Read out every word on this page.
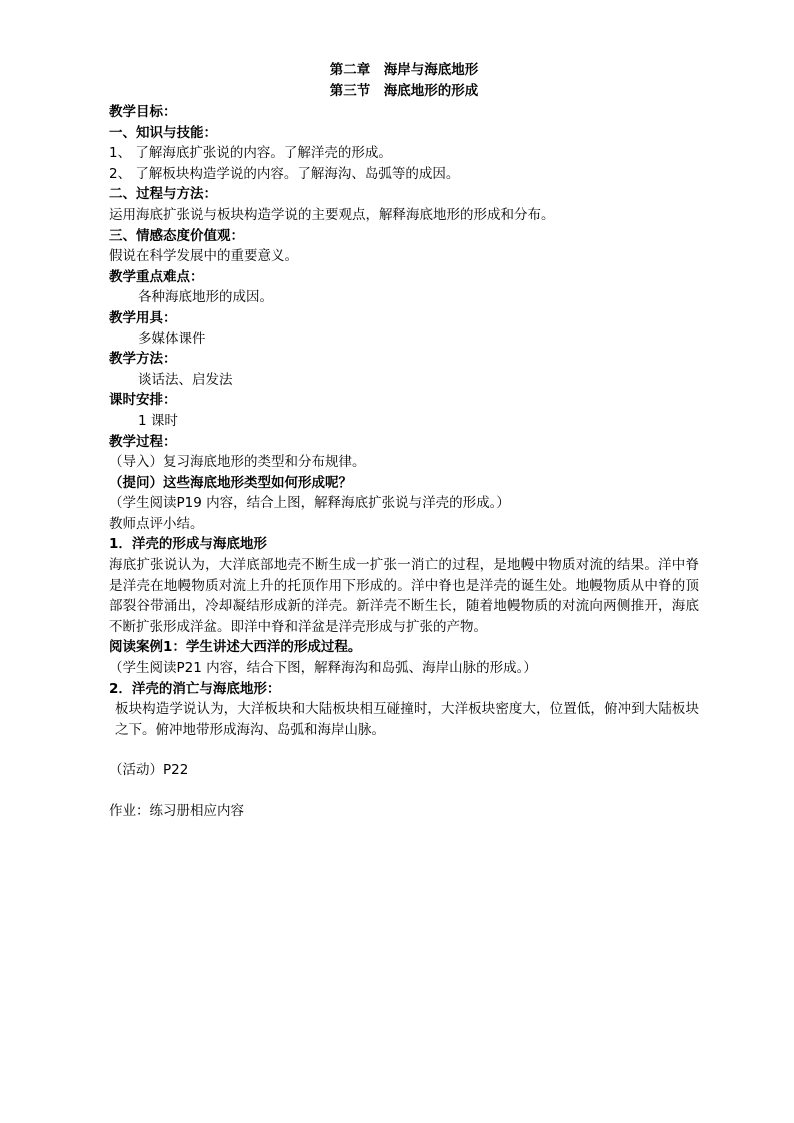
第二章　海岸与海底地形
第三节　海底地形的形成
教学目标：
一、知识与技能：
1、 了解海底扩张说的内容。了解洋壳的形成。
2、 了解板块构造学说的内容。了解海沟、岛弧等的成因。
二、过程与方法：
运用海底扩张说与板块构造学说的主要观点，解释海底地形的形成和分布。
三、情感态度价值观：
假说在科学发展中的重要意义。
教学重点难点：
各种海底地形的成因。
教学用具：
多媒体课件
教学方法：
谈话法、启发法
课时安排：
1 课时
教学过程：
（导入）复习海底地形的类型和分布规律。
（提问）这些海底地形类型如何形成呢？
（学生阅读P19 内容，结合上图，解释海底扩张说与洋壳的形成。）
教师点评小结。
1．洋壳的形成与海底地形
海底扩张说认为，大洋底部地壳不断生成一扩张一消亡的过程，是地幔中物质对流的结果。洋中脊是洋壳在地幔物质对流上升的托顶作用下形成的。洋中脊也是洋壳的诞生处。地幔物质从中脊的顶部裂谷带涌出，冷却凝结形成新的洋壳。新洋壳不断生长，随着地幔物质的对流向两侧推开，海底不断扩张形成洋盆。即洋中脊和洋盆是洋壳形成与扩张的产物。
阅读案例1：学生讲述大西洋的形成过程。
（学生阅读P21 内容，结合下图，解释海沟和岛弧、海岸山脉的形成。）
2．洋壳的消亡与海底地形：
板块构造学说认为，大洋板块和大陆板块相互碰撞时，大洋板块密度大，位置低，俯冲到大陆板块之下。俯冲地带形成海沟、岛弧和海岸山脉。
（活动）P22
作业：练习册相应内容
